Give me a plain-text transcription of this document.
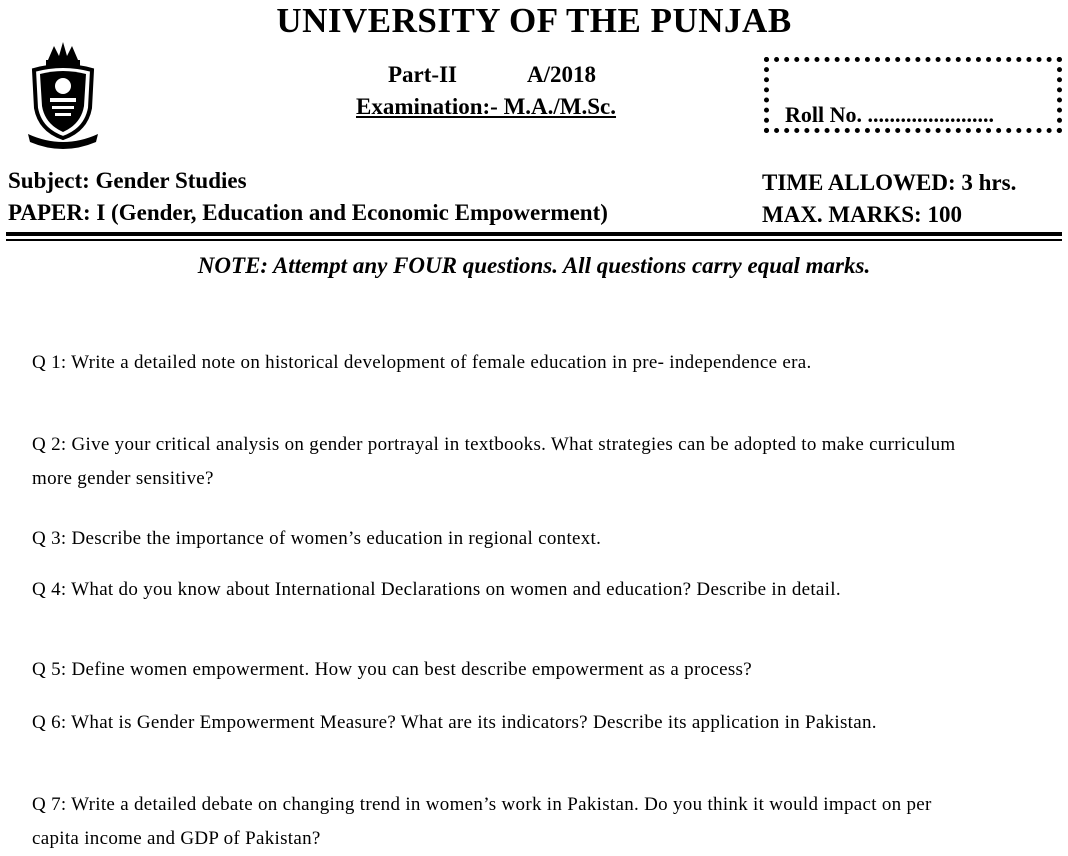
UNIVERSITY OF THE PUNJAB
Part-II	A/2018
Examination:- M.A./M.Sc.	Roll No. .......................
Subject: Gender Studies
PAPER: I (Gender, Education and Economic Empowerment)
TIME ALLOWED: 3 hrs.
MAX. MARKS: 100
NOTE: Attempt any FOUR questions. All questions carry equal marks.
Q 1: Write a detailed note on historical development of female education in pre- independence era.
Q 2: Give your critical analysis on gender portrayal in textbooks. What strategies can be adopted to make curriculum more gender sensitive?
Q 3: Describe the importance of women’s education in regional context.
Q 4: What do you know about International Declarations on women and education? Describe in detail.
Q 5: Define women empowerment. How you can best describe empowerment as a process?
Q 6: What is Gender Empowerment Measure? What are its indicators? Describe its application in Pakistan.
Q 7: Write a detailed debate on changing trend in women’s work in Pakistan. Do you think it would impact on per capita income and GDP of Pakistan?
